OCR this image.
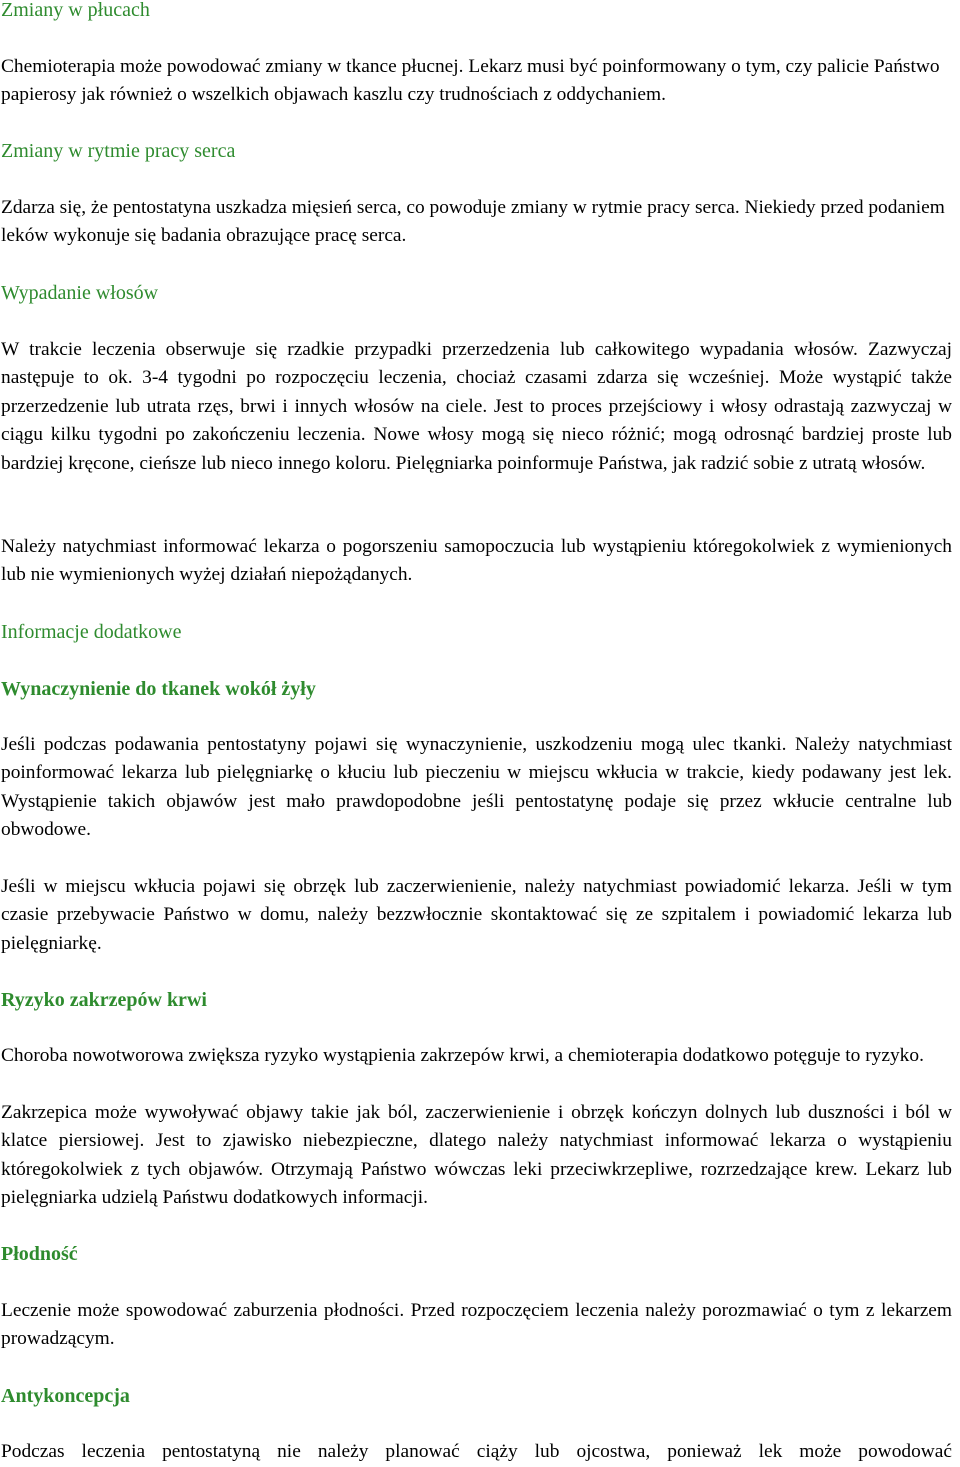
Zmiany w płucach

Chemioterapia może powodować zmiany w tkance płucnej. Lekarz musi być poinformowany o tym, czy palicie Państwo papierosy jak również o wszelkich objawach kaszlu czy trudnościach z oddychaniem.

Zmiany w rytmie pracy serca

Zdarza się, że pentostatyna uszkadza mięsień serca, co powoduje zmiany w rytmie pracy serca. Niekiedy przed podaniem leków wykonuje się badania obrazujące pracę serca.

Wypadanie włosów

W trakcie leczenia obserwuje się rzadkie przypadki przerzedzenia lub całkowitego wypadania włosów. Zazwyczaj następuje to ok. 3-4 tygodni po rozpoczęciu leczenia, chociaż czasami zdarza się wcześniej. Może wystąpić także przerzedzenie lub utrata rzęs, brwi i innych włosów na ciele. Jest to proces przejściowy i włosy odrastają zazwyczaj w ciągu kilku tygodni po zakończeniu leczenia. Nowe włosy mogą się nieco różnić; mogą odrosnąć bardziej proste lub bardziej kręcone, cieńsze lub nieco innego koloru. Pielęgniarka poinformuje Państwa, jak radzić sobie z utratą włosów.

Należy natychmiast informować lekarza o pogorszeniu samopoczucia lub wystąpieniu któregokolwiek z wymienionych lub nie wymienionych wyżej działań niepożądanych.

Informacje dodatkowe
Wynaczynienie do tkanek wokół żyły

Jeśli podczas podawania pentostatyny pojawi się wynaczynienie, uszkodzeniu mogą ulec tkanki. Należy natychmiast poinformować lekarza lub pielęgniarkę o kłuciu lub pieczeniu w miejscu wkłucia w trakcie, kiedy podawany jest lek. Wystąpienie takich objawów jest mało prawdopodobne jeśli pentostatynę podaje się przez wkłucie centralne lub obwodowe.

Jeśli w miejscu wkłucia pojawi się obrzęk lub zaczerwienienie, należy natychmiast powiadomić lekarza. Jeśli w tym czasie przebywacie Państwo w domu, należy bezzwłocznie skontaktować się ze szpitalem i powiadomić lekarza lub pielęgniarkę.

Ryzyko zakrzepów krwi

Choroba nowotworowa zwiększa ryzyko wystąpienia zakrzepów krwi, a chemioterapia dodatkowo potęguje to ryzyko.

Zakrzepica może wywoływać objawy takie jak ból, zaczerwienienie i obrzęk kończyn dolnych lub duszności i ból w klatce piersiowej. Jest to zjawisko niebezpieczne, dlatego należy natychmiast informować lekarza o wystąpieniu któregokolwiek z tych objawów. Otrzymają Państwo wówczas leki przeciwkrzepliwe, rozrzedzające krew. Lekarz lub pielęgniarka udzielą Państwu dodatkowych informacji.

Płodność

Leczenie może spowodować zaburzenia płodności. Przed rozpoczęciem leczenia należy porozmawiać o tym z lekarzem prowadzącym.

Antykoncepcja

Podczas leczenia pentostatyną nie należy planować ciąży lub ojcostwa, ponieważ lek może powodować
